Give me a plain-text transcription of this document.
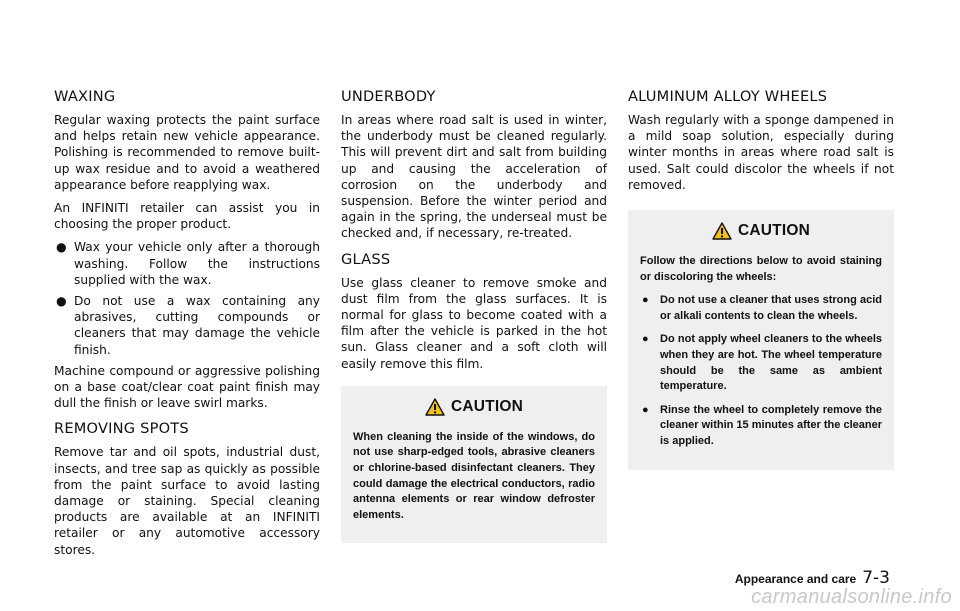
WAXING

Regular waxing protects the paint surface and helps retain new vehicle appearance. Polishing is recommended to remove built-up wax residue and to avoid a weathered appearance before reapplying wax.

An INFINITI retailer can assist you in choosing the proper product.

● Wax your vehicle only after a thorough washing. Follow the instructions supplied with the wax.
● Do not use a wax containing any abrasives, cutting compounds or cleaners that may damage the vehicle finish.

Machine compound or aggressive polishing on a base coat/clear coat paint finish may dull the finish or leave swirl marks.

REMOVING SPOTS

Remove tar and oil spots, industrial dust, insects, and tree sap as quickly as possible from the paint surface to avoid lasting damage or staining. Special cleaning products are available at an INFINITI retailer or any automotive accessory stores.

UNDERBODY

In areas where road salt is used in winter, the underbody must be cleaned regularly. This will prevent dirt and salt from building up and causing the acceleration of corrosion on the underbody and suspension. Before the winter period and again in the spring, the underseal must be checked and, if necessary, re-treated.

GLASS

Use glass cleaner to remove smoke and dust film from the glass surfaces. It is normal for glass to become coated with a film after the vehicle is parked in the hot sun. Glass cleaner and a soft cloth will easily remove this film.

CAUTION

When cleaning the inside of the windows, do not use sharp-edged tools, abrasive cleaners or chlorine-based disinfectant cleaners. They could damage the electrical conductors, radio antenna elements or rear window defroster elements.

ALUMINUM ALLOY WHEELS

Wash regularly with a sponge dampened in a mild soap solution, especially during winter months in areas where road salt is used. Salt could discolor the wheels if not removed.

CAUTION

Follow the directions below to avoid staining or discoloring the wheels:

● Do not use a cleaner that uses strong acid or alkali contents to clean the wheels.
● Do not apply wheel cleaners to the wheels when they are hot. The wheel temperature should be the same as ambient temperature.
● Rinse the wheel to completely remove the cleaner within 15 minutes after the cleaner is applied.
Appearance and care 7-3
carmanualsonline.info
